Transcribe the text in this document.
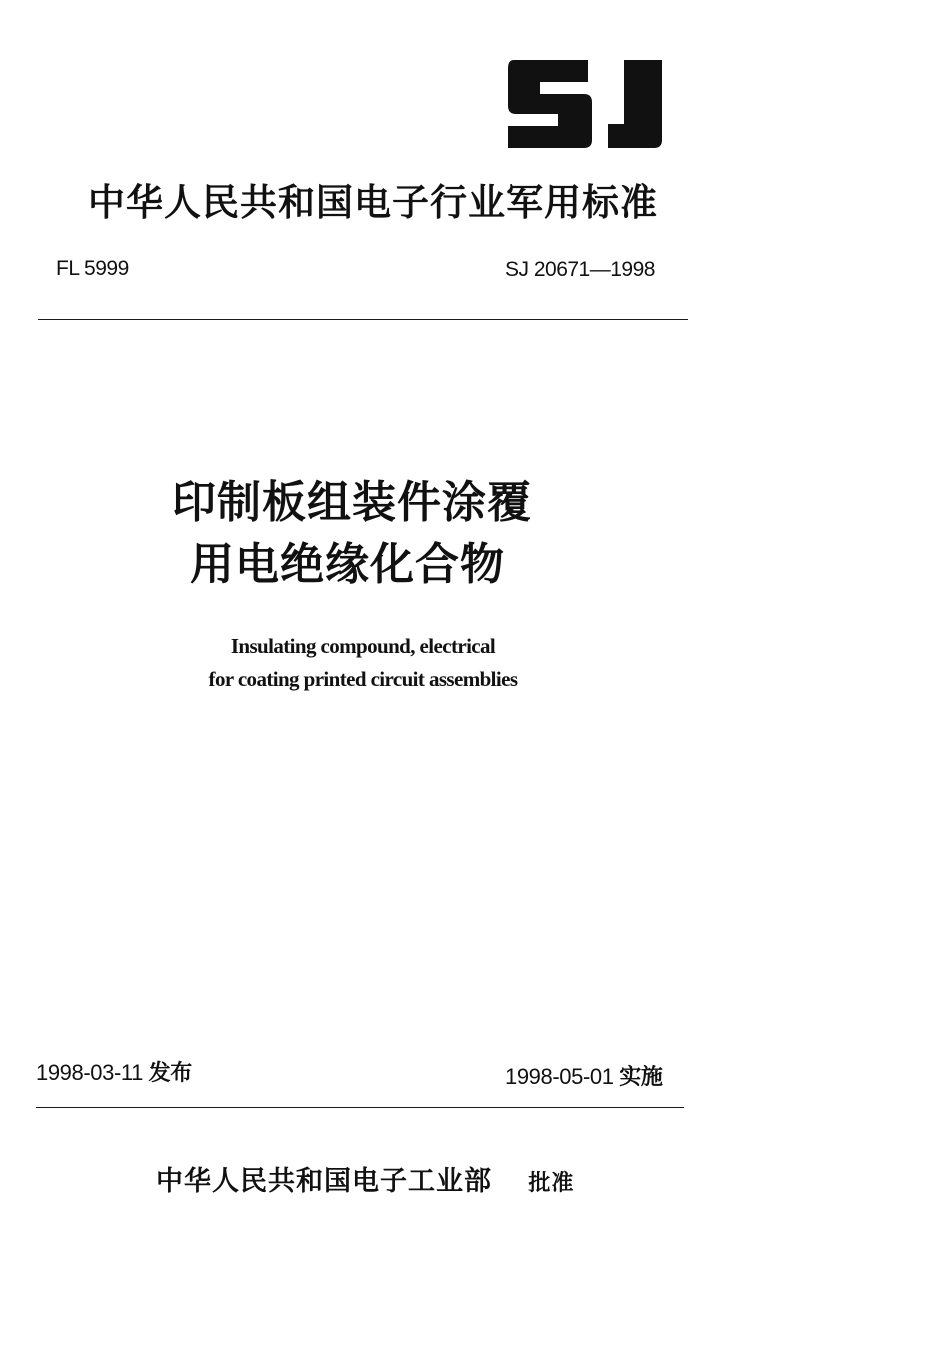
中华人民共和国电子行业军用标准
FL 5999	SJ 20671—1998
印制板组装件涂覆
用电绝缘化合物
Insulating compound, electrical
for coating printed circuit assemblies
1998-03-11 发布	1998-05-01 实施
中华人民共和国电子工业部 批准
